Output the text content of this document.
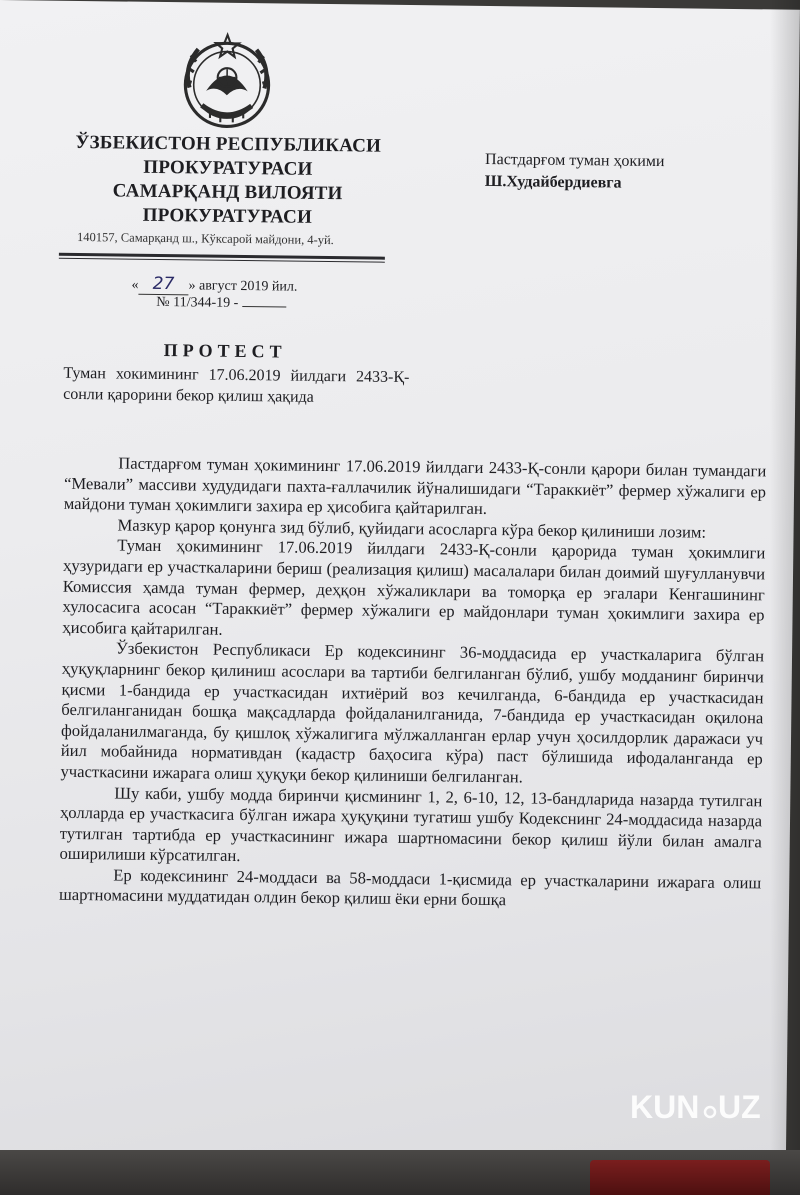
ЎЗБЕКИСТОН РЕСПУБЛИКАСИ
ПРОКУРАТУРАСИ
САМАРҚАНД ВИЛОЯТИ
ПРОКУРАТУРАСИ
140157, Самарқанд ш., Кўксарой майдони, 4-уй.
« 27 » август 2019 йил.
№ 11/344-19 -
Пастдарғом туман ҳокими
Ш.Худайбердиевга
ПРОТЕСТ
Туман хокимининг 17.06.2019 йилдаги 2433-Қ-сонли қарорини бекор қилиш ҳақида

Пастдарғом туман ҳокимининг 17.06.2019 йилдаги 2433-Қ-сонли қарори билан тумандаги “Мевали” массиви худудидаги пахта-ғаллачилик йўналишидаги “Тараккиёт” фермер хўжалиги ер майдони туман ҳокимлиги захира ер ҳисобига қайтарилган.

Мазкур қарор қонунга зид бўлиб, қуйидаги асосларга кўра бекор қилиниши лозим:

Туман ҳокимининг 17.06.2019 йилдаги 2433-Қ-сонли қарорида туман ҳокимлиги ҳузуридаги ер участкаларини бериш (реализация қилиш) масалалари билан доимий шуғулланувчи Комиссия ҳамда туман фермер, деҳқон хўжаликлари ва томорқа ер эгалари Кенгашининг хулосасига асосан “Тараккиёт” фермер хўжалиги ер майдонлари туман ҳокимлиги захира ер ҳисобига қайтарилган.

Ўзбекистон Республикаси Ер кодексининг 36-моддасида ер участкаларига бўлган ҳуқуқларнинг бекор қилиниш асослари ва тартиби белгиланган бўлиб, ушбу модданинг биринчи қисми 1-бандида ер участкасидан ихтиёрий воз кечилганда, 6-бандида ер участкасидан белгиланганидан бошқа мақсадларда фойдаланилганида, 7-бандида ер участкасидан оқилона фойдаланилмаганда, бу қишлоқ хўжалигига мўлжалланган ерлар учун ҳосилдорлик даражаси уч йил мобайнида нормативдан (кадастр баҳосига кўра) паст бўлишида ифодаланганда ер участкасини ижарага олиш ҳуқуқи бекор қилиниши белгиланган.

Шу каби, ушбу модда биринчи қисмининг 1, 2, 6-10, 12, 13-бандларида назарда тутилган ҳолларда ер участкасига бўлган ижара ҳуқуқини тугатиш ушбу Кодекснинг 24-моддасида назарда тутилган тартибда ер участкасининг ижара шартномасини бекор қилиш йўли билан амалга оширилиши кўрсатилган.

Ер кодексининг 24-моддаси ва 58-моддаси 1-қисмида ер участкаларини ижарага олиш шартномасини муддатидан олдин бекор қилиш ёки ерни бошқа

KUN UZ
